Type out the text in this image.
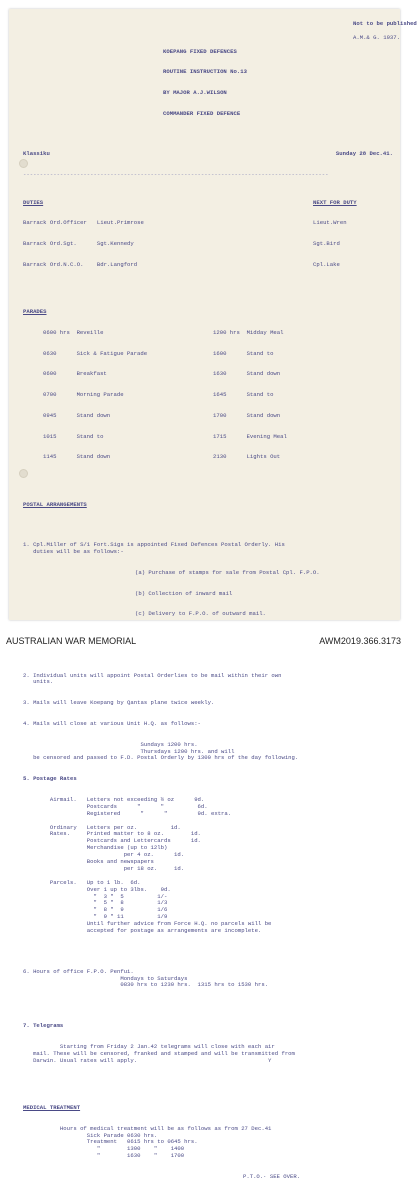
Not to be published

A.M.& G. 1937.

KOEPANG FIXED DEFENCES

ROUTINE INSTRUCTION No.13

BY MAJOR A.J.WILSON

COMMANDER FIXED DEFENCE

Klassiku	Sunday 28 Dec.41.

-------------------------------------------------------------------------------------------

DUTIES	NEXT FOR DUTY

Barrack Ord.Officer   Lieut.Primrose	Lieut.Wren

Barrack Ord.Sgt.      Sgt.Kennedy	Sgt.Bird

Barrack Ord.N.C.O.    Bdr.Langford	Cpl.Lake

PARADES

0600 hrs  Reveille	1200 hrs  Midday Meal

0630      Sick & Fatigue Parade	1600      Stand to

0600      Breakfast	1630      Stand down

0700      Morning Parade	1645      Stand to

0945      Stand down	1700      Stand down

1015      Stand to	1715      Evening Meal

1145      Stand down	2130      Lights Out

POSTAL ARRANGEMENTS

1. Cpl.Miller of S/1 Fort.Sigs is appointed Fixed Defences Postal Orderly. His
duties will be as follows:-

(a) Purchase of stamps for sale from Postal Cpl. F.P.O.

(b) Collection of inward mail

(c) Delivery to F.P.O. of outward mail.

2. Individual units will appoint Postal Orderlies to be mail within their own
units.

3. Mails will leave Koepang by Qantas plane twice weekly.

4. Mails will close at various Unit H.Q. as follows:-

Sundays 1200 hrs.
Thursdays 1200 hrs. and will
be censored and passed to F.D. Postal Orderly by 1300 hrs of the day following.

5. Postage Rates

Airmail.   Letters not exceeding ½ oz      9d.
Postcards      "      "          6d.
Registered      "      "         9d. extra.

Ordinary   Letters per oz.          1d.
Rates.     Printed matter to 8 oz.        1d.
Postcards and Lettercards      1d.
Merchandise (up to 12lb)
per 4 oz.      1d.
Books and newspapers
per 18 oz.     1d.

Parcels.   Up to 1 lb.  6d.
Over 1 up to 3lbs.    9d.
"  3 "  5          1/-
"  5 "  8          1/3
"  8 "  9          1/6
"  9 " 11          1/9
Until further advice from Force H.Q. no parcels will be
accepted for postage as arrangements are incomplete.

6. Hours of office F.P.O. Penfui.
Mondays to Saturdays
0830 hrs to 1230 hrs.  1315 hrs to 1530 hrs.

7. Telegrams

Starting from Friday 2 Jan.42 telegrams will close with each air
mail. These will be censored, franked and stamped and will be transmitted from
Darwin. Usual rates will apply.                                       Y

MEDICAL TREATMENT

Hours of medical treatment will be as follows as from 27 Dec.41
Sick Parade 0630 hrs.
Treatment   0615 hrs to 0645 hrs.
"        1300    "    1400
"        1630    "    1700

P.T.O.· SEE OVER.

AUSTRALIAN WAR MEMORIAL	AWM2019.366.3173
